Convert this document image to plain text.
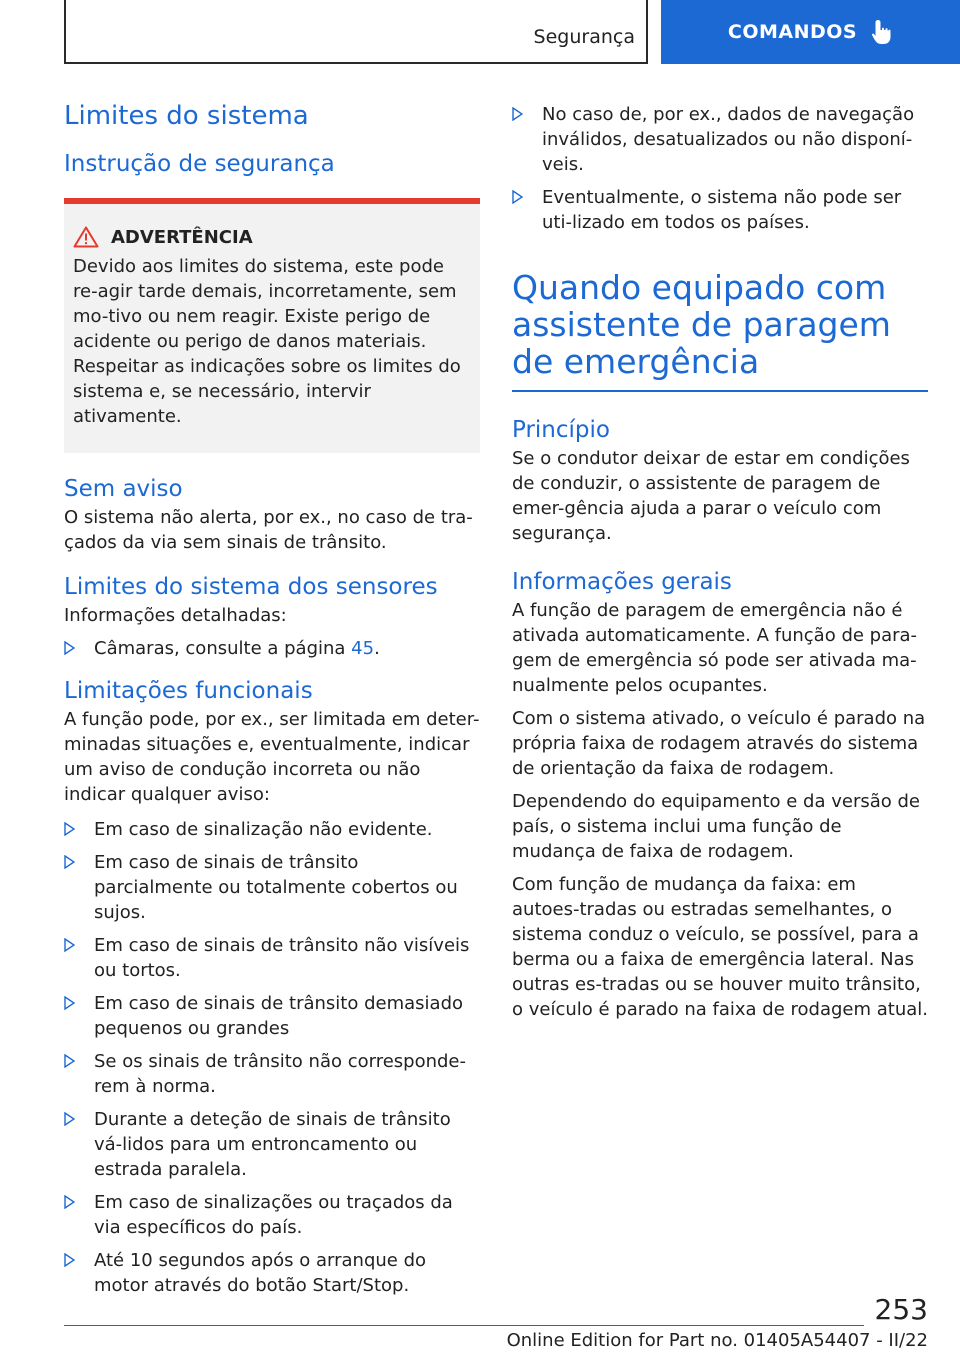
Segurança	COMANDOS
Limites do sistema
Instrução de segurança
ADVERTÊNCIA

Devido aos limites do sistema, este pode re-agir tarde demais, incorretamente, sem mo-tivo ou nem reagir. Existe perigo de acidente ou perigo de danos materiais. Respeitar as indicações sobre os limites do sistema e, se necessário, intervir ativamente.

Sem aviso

O sistema não alerta, por ex., no caso de tra-çados da via sem sinais de trânsito.

Limites do sistema dos sensores

Informações detalhadas:

Câmaras, consulte a página 45.
Limitações funcionais

A função pode, por ex., ser limitada em deter-minadas situações e, eventualmente, indicar um aviso de condução incorreta ou não indicar qualquer aviso:

Em caso de sinalização não evidente.
Em caso de sinais de trânsito parcialmente ou totalmente cobertos ou sujos.
Em caso de sinais de trânsito não visíveis ou tortos.
Em caso de sinais de trânsito demasiado pequenos ou grandes
Se os sinais de trânsito não corresponde-rem à norma.
Durante a deteção de sinais de trânsito vá-lidos para um entroncamento ou estrada paralela.
Em caso de sinalizações ou traçados da via específicos do país.
Até 10 segundos após o arranque do motor através do botão Start/Stop.
No caso de, por ex., dados de navegação inválidos, desatualizados ou não disponí-veis.
Eventualmente, o sistema não pode ser uti-lizado em todos os países.
Quando equipado com assistente de paragem de emergência
Princípio

Se o condutor deixar de estar em condições de conduzir, o assistente de paragem de emer-gência ajuda a parar o veículo com segurança.

Informações gerais

A função de paragem de emergência não é ativada automaticamente. A função de para-gem de emergência só pode ser ativada ma-nualmente pelos ocupantes.

Com o sistema ativado, o veículo é parado na própria faixa de rodagem através do sistema de orientação da faixa de rodagem.

Dependendo do equipamento e da versão de país, o sistema inclui uma função de mudança de faixa de rodagem.

Com função de mudança da faixa: em autoes-tradas ou estradas semelhantes, o sistema conduz o veículo, se possível, para a berma ou a faixa de emergência lateral. Nas outras es-tradas ou se houver muito trânsito, o veículo é parado na faixa de rodagem atual.

253
Online Edition for Part no. 01405A54407 - II/22
